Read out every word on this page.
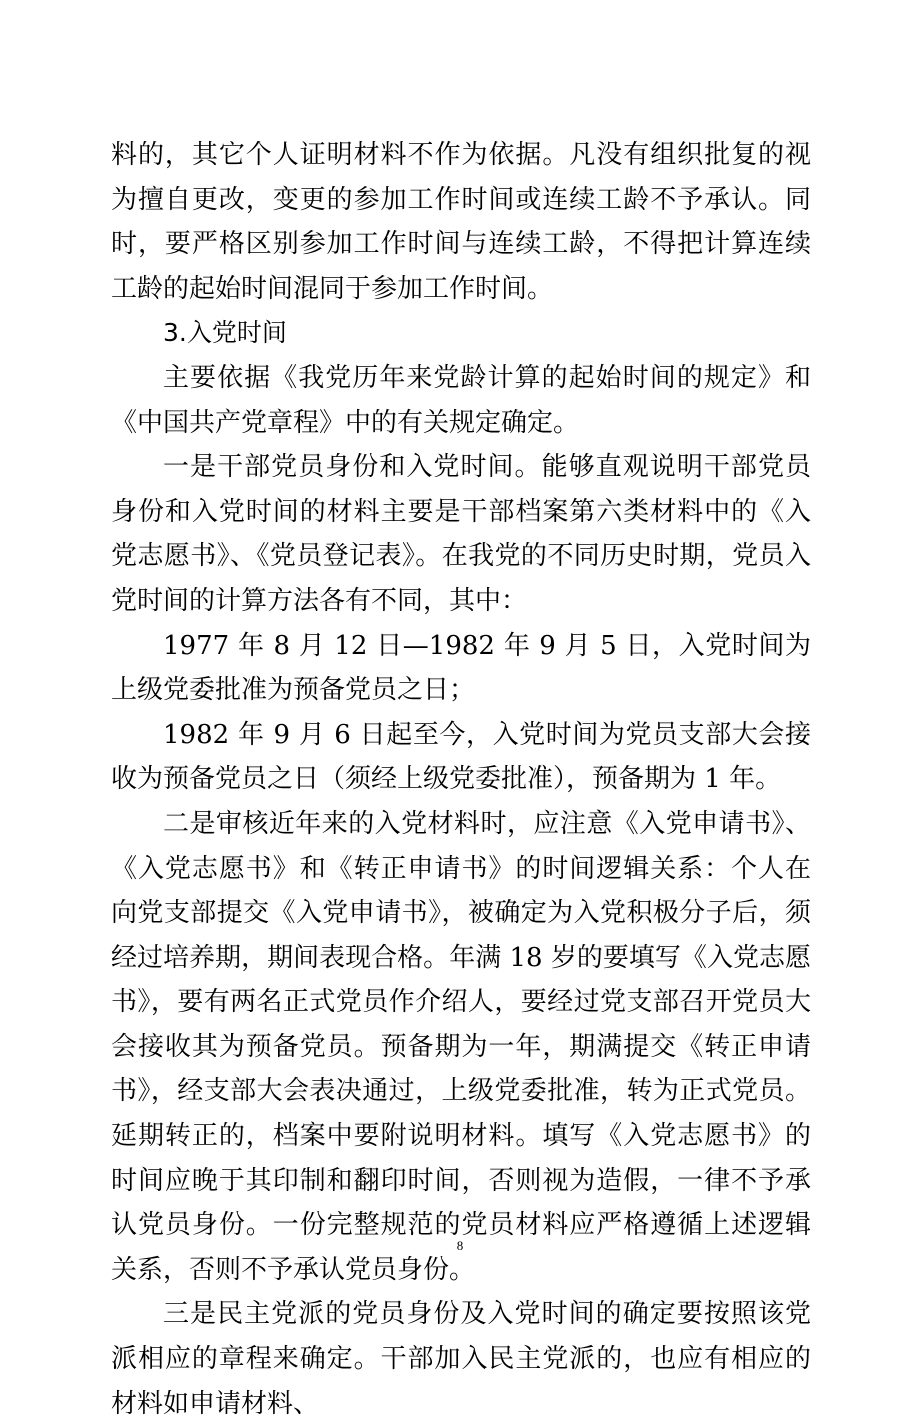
料的，其它个人证明材料不作为依据。凡没有组织批复的视为擅自更改，变更的参加工作时间或连续工龄不予承认。同时，要严格区别参加工作时间与连续工龄，不得把计算连续工龄的起始时间混同于参加工作时间。

3.入党时间

主要依据《我党历年来党龄计算的起始时间的规定》和《中国共产党章程》中的有关规定确定。

一是干部党员身份和入党时间。能够直观说明干部党员身份和入党时间的材料主要是干部档案第六类材料中的《入党志愿书》、《党员登记表》。在我党的不同历史时期，党员入党时间的计算方法各有不同，其中：

1977 年 8 月 12 日—1982 年 9 月 5 日，入党时间为上级党委批准为预备党员之日；

1982 年 9 月 6 日起至今，入党时间为党员支部大会接收为预备党员之日（须经上级党委批准），预备期为 1 年。

二是审核近年来的入党材料时，应注意《入党申请书》、《入党志愿书》和《转正申请书》的时间逻辑关系：个人在向党支部提交《入党申请书》，被确定为入党积极分子后，须经过培养期，期间表现合格。年满 18 岁的要填写《入党志愿书》，要有两名正式党员作介绍人，要经过党支部召开党员大会接收其为预备党员。预备期为一年，期满提交《转正申请书》，经支部大会表决通过，上级党委批准，转为正式党员。延期转正的，档案中要附说明材料。填写《入党志愿书》的时间应晚于其印制和翻印时间，否则视为造假，一律不予承认党员身份。一份完整规范的党员材料应严格遵循上述逻辑关系，否则不予承认党员身份。

三是民主党派的党员身份及入党时间的确定要按照该党派相应的章程来确定。干部加入民主党派的，也应有相应的材料如申请材料、

8
